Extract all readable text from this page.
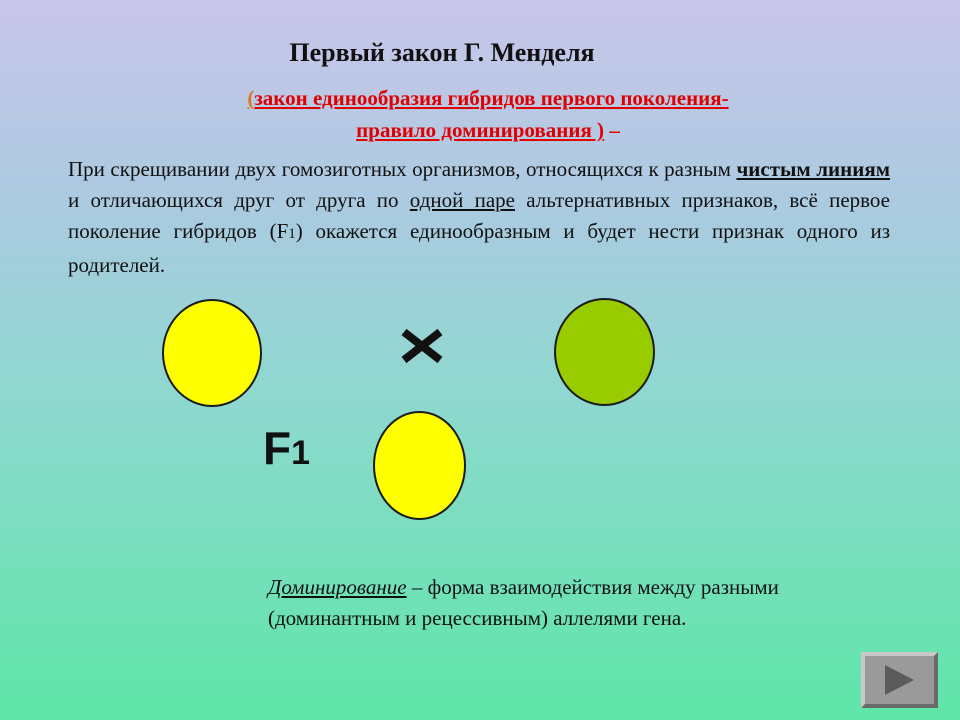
Первый закон Г. Менделя
(закон единообразия гибридов первого поколения-
правило доминирования ) –
При скрещивании двух гомозиготных организмов, относящихся к разным чистым линиям и отличающихся друг от друга по одной паре альтернативных признаков, всё первое поколение гибридов (F1) окажется единообразным и будет нести признак одного из родителей.
F1
Доминирование – форма взаимодействия между разными (доминантным и рецессивным) аллелями гена.
